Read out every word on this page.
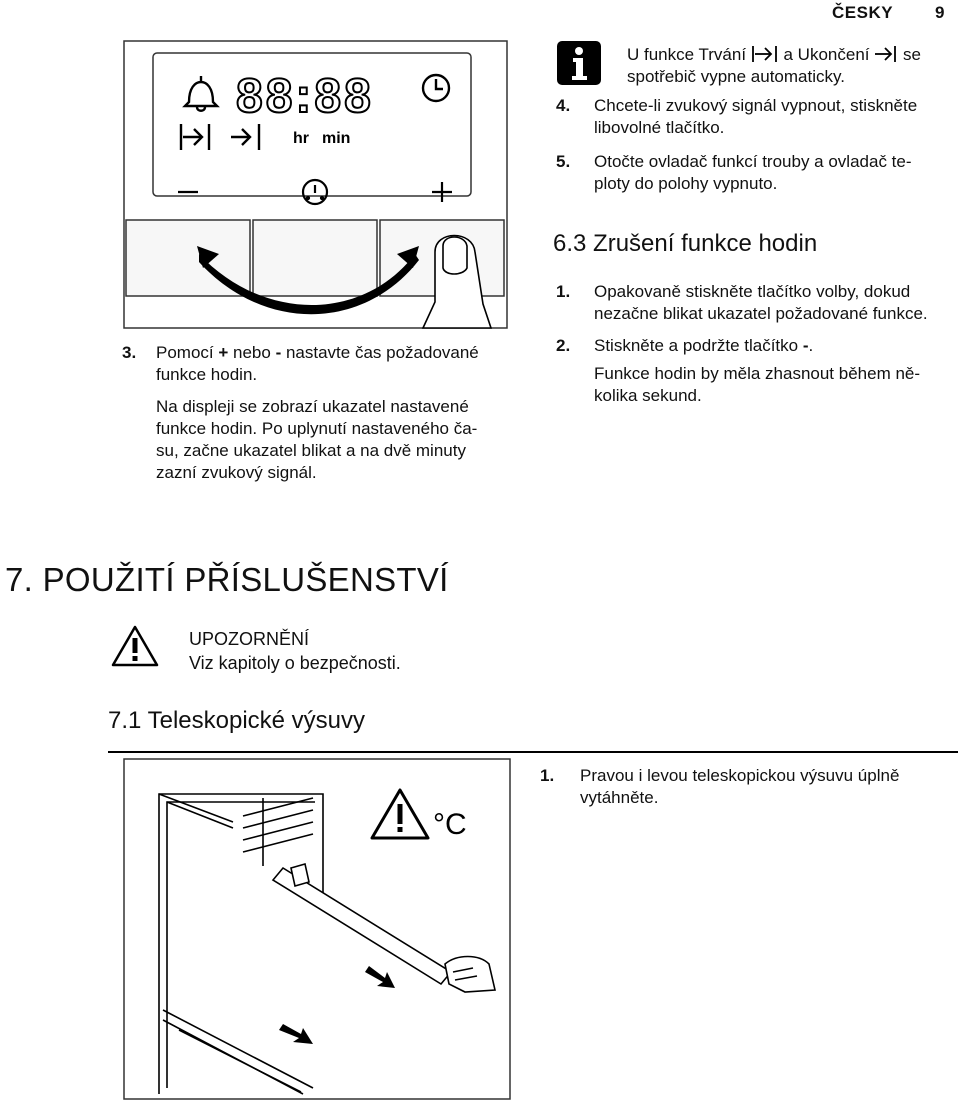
ČESKY 9
88:88
hr min
3.	Pomocí + nebo - nastavte čas požadované
funkce hodin.
Na displeji se zobrazí ukazatel nastavené
funkce hodin. Po uplynutí nastaveného ča-
su, začne ukazatel blikat a na dvě minuty
zazní zvukový signál.
U funkce Trvání  a Ukončení  se
spotřebič vypne automaticky.
4. Chcete-li zvukový signál vypnout, stiskněte
libovolné tlačítko.
5. Otočte ovladač funkcí trouby a ovladač te-
ploty do polohy vypnuto.
6.3 Zrušení funkce hodin
1. Opakovaně stiskněte tlačítko volby, dokud
nezačne blikat ukazatel požadované funkce.
2. Stiskněte a podržte tlačítko -.
Funkce hodin by měla zhasnout během ně-
kolika sekund.
7. POUŽITÍ PŘÍSLUŠENSTVÍ
UPOZORNĚNÍ
Viz kapitoly o bezpečnosti.
7.1 Teleskopické výsuvy
°C
1. Pravou i levou teleskopickou výsuvu úplně
vytáhněte.
